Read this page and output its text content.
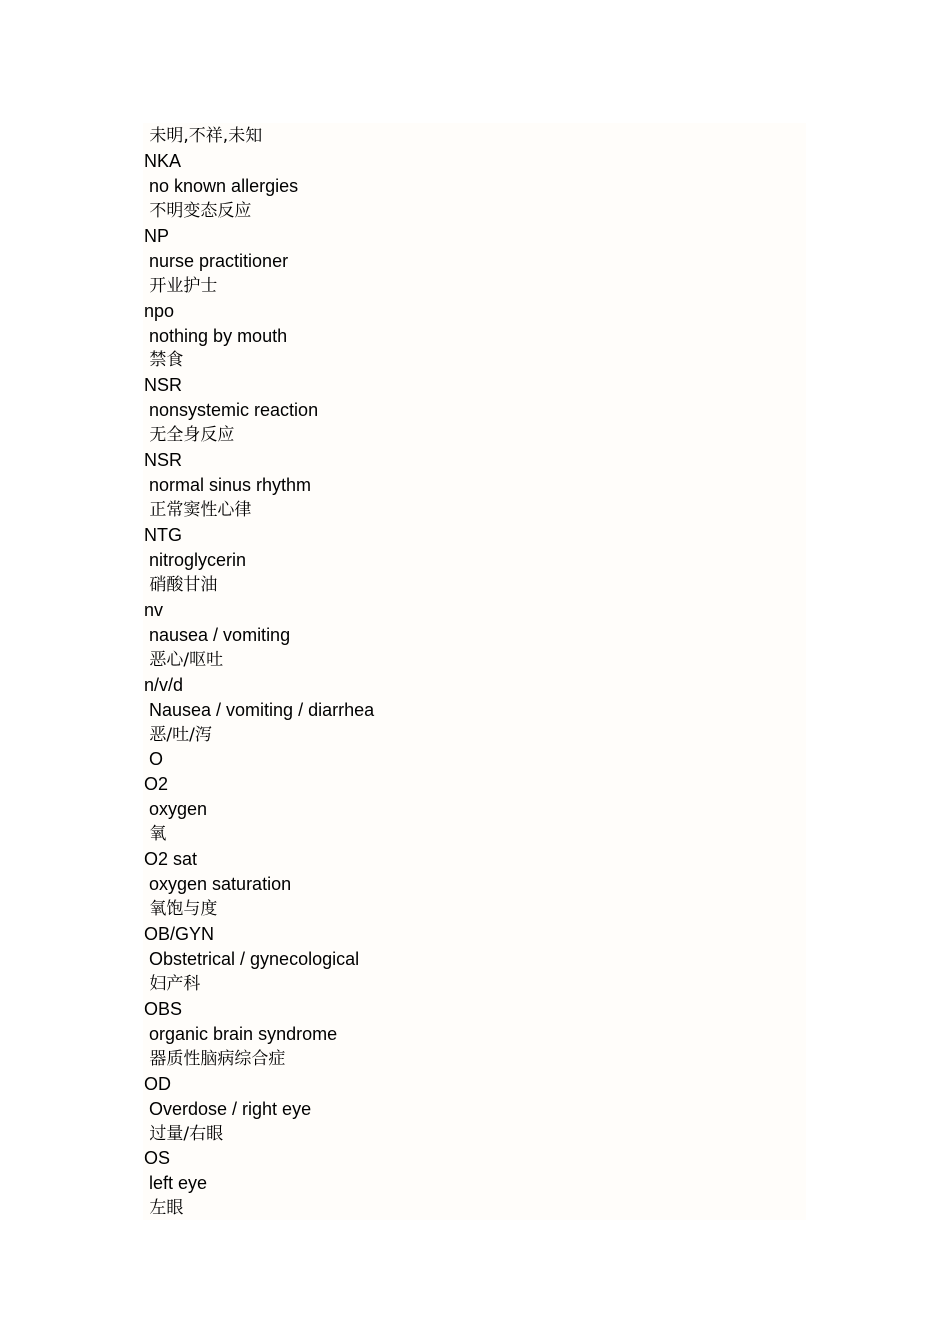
未明,不祥,未知
NKA
no known allergies
不明变态反应
NP
nurse practitioner
开业护士
npo
nothing by mouth
禁食
NSR
nonsystemic reaction
无全身反应
NSR
normal sinus rhythm
正常窦性心律
NTG
nitroglycerin
硝酸甘油
nv
nausea / vomiting
恶心/呕吐
n/v/d
Nausea / vomiting / diarrhea
恶/吐/泻
O
O2
oxygen
氧
O2 sat
oxygen saturation
氧饱与度
OB/GYN
Obstetrical / gynecological
妇产科
OBS
organic brain syndrome
器质性脑病综合症
OD
Overdose / right eye
过量/右眼
OS
left eye
左眼
